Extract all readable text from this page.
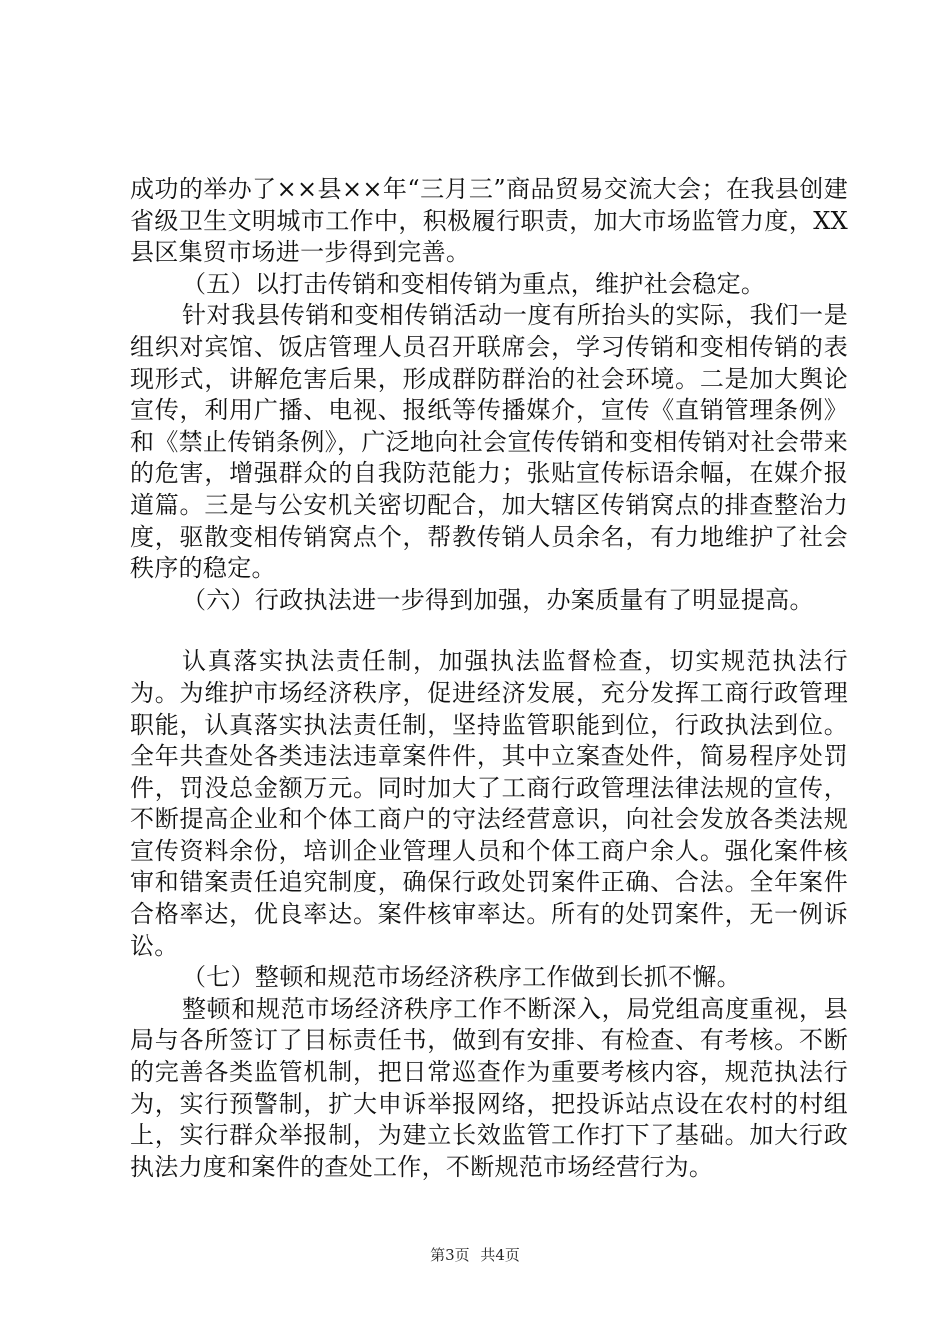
成功的举办了××县××年“三月三”商品贸易交流大会；在我县创建省级卫生文明城市工作中，积极履行职责，加大市场监管力度，XX县区集贸市场进一步得到完善。

（五）以打击传销和变相传销为重点，维护社会稳定。

针对我县传销和变相传销活动一度有所抬头的实际，我们一是组织对宾馆、饭店管理人员召开联席会，学习传销和变相传销的表现形式，讲解危害后果，形成群防群治的社会环境。二是加大舆论宣传，利用广播、电视、报纸等传播媒介，宣传《直销管理条例》和《禁止传销条例》，广泛地向社会宣传传销和变相传销对社会带来的危害，增强群众的自我防范能力；张贴宣传标语余幅，在媒介报道篇。三是与公安机关密切配合，加大辖区传销窝点的排查整治力度，驱散变相传销窝点个，帮教传销人员余名，有力地维护了社会秩序的稳定。

（六）行政执法进一步得到加强，办案质量有了明显提高。

认真落实执法责任制，加强执法监督检查，切实规范执法行为。为维护市场经济秩序，促进经济发展，充分发挥工商行政管理职能，认真落实执法责任制，坚持监管职能到位，行政执法到位。全年共查处各类违法违章案件件，其中立案查处件，简易程序处罚件，罚没总金额万元。同时加大了工商行政管理法律法规的宣传，不断提高企业和个体工商户的守法经营意识，向社会发放各类法规宣传资料余份，培训企业管理人员和个体工商户余人。强化案件核审和错案责任追究制度，确保行政处罚案件正确、合法。全年案件合格率达，优良率达。案件核审率达。所有的处罚案件，无一例诉讼。

（七）整顿和规范市场经济秩序工作做到长抓不懈。

整顿和规范市场经济秩序工作不断深入，局党组高度重视，县局与各所签订了目标责任书，做到有安排、有检查、有考核。不断的完善各类监管机制，把日常巡查作为重要考核内容，规范执法行为，实行预警制，扩大申诉举报网络，把投诉站点设在农村的村组上，实行群众举报制，为建立长效监管工作打下了基础。加大行政执法力度和案件的查处工作，不断规范市场经营行为。

第3页 共4页
